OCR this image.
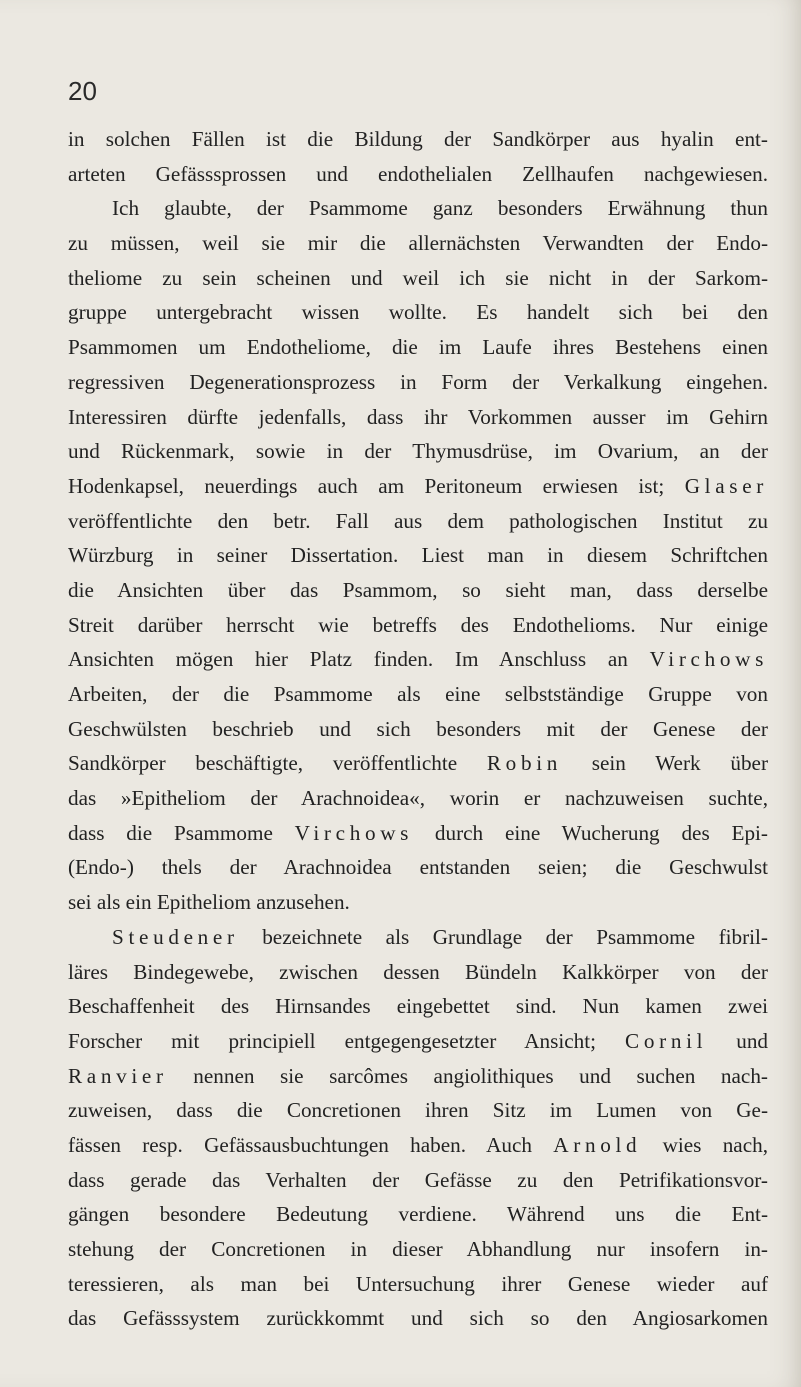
20
in solchen Fällen ist die Bildung der Sandkörper aus hyalin ent-
arteten Gefässsprossen und endothelialen Zellhaufen nachgewiesen.
Ich glaubte, der Psammome ganz besonders Erwähnung thun
zu müssen, weil sie mir die allernächsten Verwandten der Endo-
theliome zu sein scheinen und weil ich sie nicht in der Sarkom-
gruppe untergebracht wissen wollte. Es handelt sich bei den
Psammomen um Endotheliome, die im Laufe ihres Bestehens einen
regressiven Degenerationsprozess in Form der Verkalkung eingehen.
Interessiren dürfte jedenfalls, dass ihr Vorkommen ausser im Gehirn
und Rückenmark, sowie in der Thymusdrüse, im Ovarium, an der
Hodenkapsel, neuerdings auch am Peritoneum erwiesen ist; Glaser
veröffentlichte den betr. Fall aus dem pathologischen Institut zu
Würzburg in seiner Dissertation. Liest man in diesem Schriftchen
die Ansichten über das Psammom, so sieht man, dass derselbe
Streit darüber herrscht wie betreffs des Endothelioms. Nur einige
Ansichten mögen hier Platz finden. Im Anschluss an Virchows
Arbeiten, der die Psammome als eine selbstständige Gruppe von
Geschwülsten beschrieb und sich besonders mit der Genese der
Sandkörper beschäftigte, veröffentlichte Robin sein Werk über
das »Epitheliom der Arachnoidea«, worin er nachzuweisen suchte,
dass die Psammome Virchows durch eine Wucherung des Epi-
(Endo-) thels der Arachnoidea entstanden seien; die Geschwulst
sei als ein Epitheliom anzusehen.
Steudener bezeichnete als Grundlage der Psammome fibril-
läres Bindegewebe, zwischen dessen Bündeln Kalkkörper von der
Beschaffenheit des Hirnsandes eingebettet sind. Nun kamen zwei
Forscher mit principiell entgegengesetzter Ansicht; Cornil und
Ranvier nennen sie sarcômes angiolithiques und suchen nach-
zuweisen, dass die Concretionen ihren Sitz im Lumen von Ge-
fässen resp. Gefässausbuchtungen haben. Auch Arnold wies nach,
dass gerade das Verhalten der Gefässe zu den Petrifikationsvor-
gängen besondere Bedeutung verdiene. Während uns die Ent-
stehung der Concretionen in dieser Abhandlung nur insofern in-
teressieren, als man bei Untersuchung ihrer Genese wieder auf
das Gefässsystem zurückkommt und sich so den Angiosarkomen
